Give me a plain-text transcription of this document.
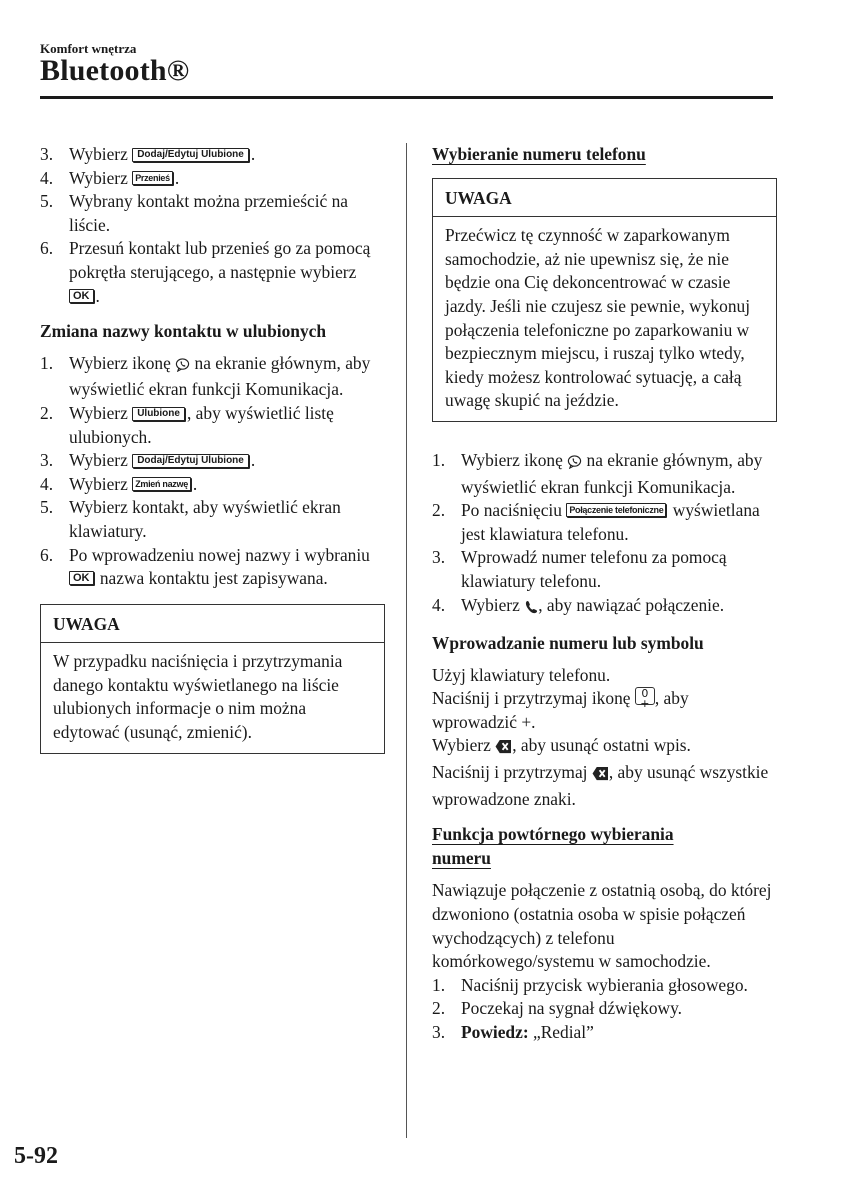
Komfort wnętrza
Bluetooth®
3. Wybierz Dodaj/Edytuj Ulubione .
4. Wybierz Przenieś .
5. Wybrany kontakt można przemieścić na liście.
6. Przesuń kontakt lub przenieś go za pomocą pokrętła sterującego, a następnie wybierz OK .
Zmiana nazwy kontaktu w ulubionych
1. Wybierz ikonę  na ekranie głównym, aby wyświetlić ekran funkcji Komunikacja.
2. Wybierz Ulubione , aby wyświetlić listę ulubionych.
3. Wybierz Dodaj/Edytuj Ulubione .
4. Wybierz Zmień nazwę .
5. Wybierz kontakt, aby wyświetlić ekran klawiatury.
6. Po wprowadzeniu nowej nazwy i wybraniu OK nazwa kontaktu jest zapisywana.
UWAGA
W przypadku naciśnięcia i przytrzymania danego kontaktu wyświetlanego na liście ulubionych informacje o nim można edytować (usunąć, zmienić).
Wybieranie numeru telefonu
UWAGA
Przećwicz tę czynność w zaparkowanym samochodzie, aż nie upewnisz się, że nie będzie ona Cię dekoncentrować w czasie jazdy. Jeśli nie czujesz sie pewnie, wykonuj połączenia telefoniczne po zaparkowaniu w bezpiecznym miejscu, i ruszaj tylko wtedy, kiedy możesz kontrolować sytuację, a całą uwagę skupić na jeździe.
1. Wybierz ikonę  na ekranie głównym, aby wyświetlić ekran funkcji Komunikacja.
2. Po naciśnięciu Połączenie telefoniczne wyświetlana jest klawiatura telefonu.
3. Wprowadź numer telefonu za pomocą klawiatury telefonu.
4. Wybierz , aby nawiązać połączenie.
Wprowadzanie numeru lub symbolu

Użyj klawiatury telefonu.

Naciśnij i przytrzymaj ikonę 0
+ , aby wprowadzić +.

Wybierz , aby usunąć ostatni wpis.

Naciśnij i przytrzymaj , aby usunąć wszystkie wprowadzone znaki.

Funkcja powtórnego wybierania numeru

Nawiązuje połączenie z ostatnią osobą, do której dzwoniono (ostatnia osoba w spisie połączeń wychodzących) z telefonu komórkowego/systemu w samochodzie.

1. Naciśnij przycisk wybierania głosowego.
2. Poczekaj na sygnał dźwiękowy.
3. Powiedz: „Redial”
5-92
